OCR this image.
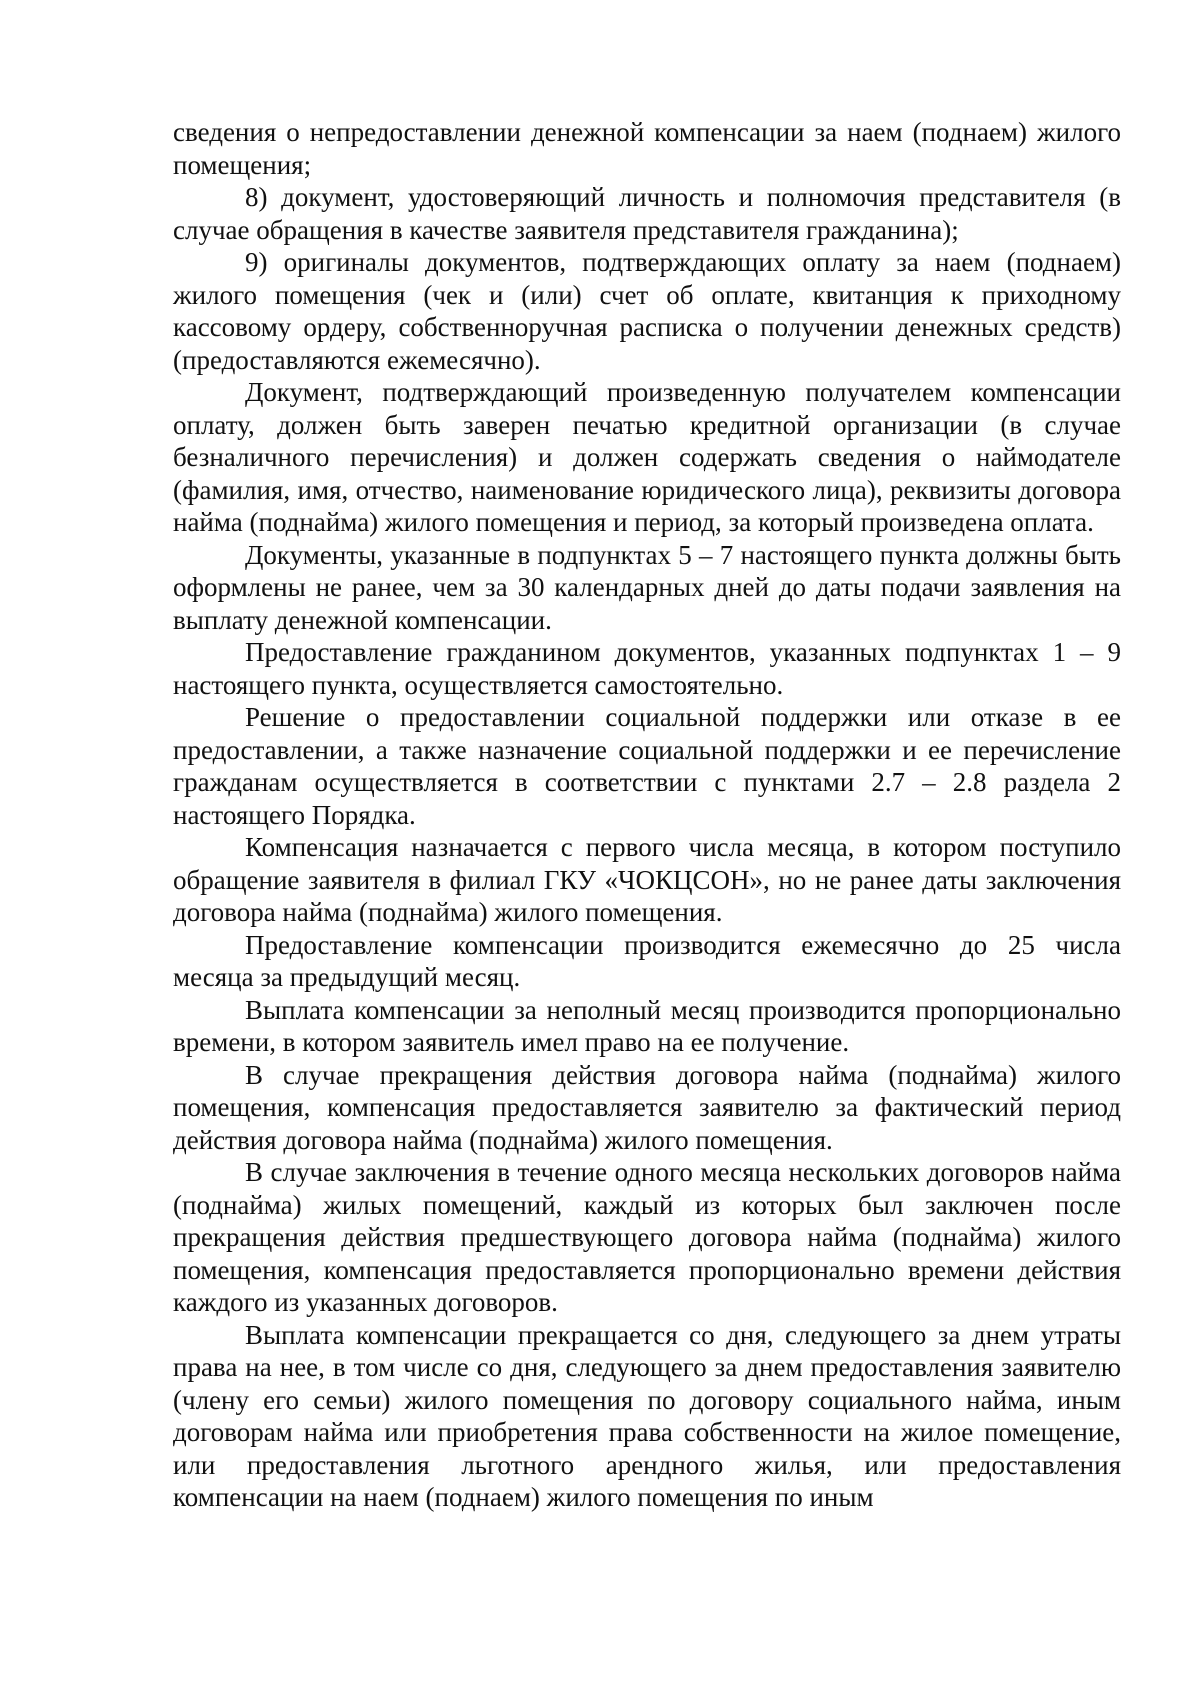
сведения о непредоставлении денежной компенсации за наем (поднаем) жилого помещения;

8) документ, удостоверяющий личность и полномочия представителя (в случае обращения в качестве заявителя представителя гражданина);

9) оригиналы документов, подтверждающих оплату за наем (поднаем) жилого помещения (чек и (или) счет об оплате, квитанция к приходному кассовому ордеру, собственноручная расписка о получении денежных средств) (предоставляются ежемесячно).

Документ, подтверждающий произведенную получателем компенсации оплату, должен быть заверен печатью кредитной организации (в случае безналичного перечисления) и должен содержать сведения о наймодателе (фамилия, имя, отчество, наименование юридического лица), реквизиты договора найма (поднайма) жилого помещения и период, за который произведена оплата.

Документы, указанные в подпунктах 5 – 7 настоящего пункта должны быть оформлены не ранее, чем за 30 календарных дней до даты подачи заявления на выплату денежной компенсации.

Предоставление гражданином документов, указанных подпунктах 1 – 9 настоящего пункта, осуществляется самостоятельно.

Решение о предоставлении социальной поддержки или отказе в ее предоставлении, а также назначение социальной поддержки и ее перечисление гражданам осуществляется в соответствии с пунктами 2.7 – 2.8 раздела 2 настоящего Порядка.

Компенсация назначается с первого числа месяца, в котором поступило обращение заявителя в филиал ГКУ «ЧОКЦСОН», но не ранее даты заключения договора найма (поднайма) жилого помещения.

Предоставление компенсации производится ежемесячно до 25 числа месяца за предыдущий месяц.

Выплата компенсации за неполный месяц производится пропорционально времени, в котором заявитель имел право на ее получение.

В случае прекращения действия договора найма (поднайма) жилого помещения, компенсация предоставляется заявителю за фактический период действия договора найма (поднайма) жилого помещения.

В случае заключения в течение одного месяца нескольких договоров найма (поднайма) жилых помещений, каждый из которых был заключен после прекращения действия предшествующего договора найма (поднайма) жилого помещения, компенсация предоставляется пропорционально времени действия каждого из указанных договоров.

Выплата компенсации прекращается со дня, следующего за днем утраты права на нее, в том числе со дня, следующего за днем предоставления заявителю (члену его семьи) жилого помещения по договору социального найма, иным договорам найма или приобретения права собственности на жилое помещение, или предоставления льготного арендного жилья, или предоставления компенсации на наем (поднаем) жилого помещения по иным
